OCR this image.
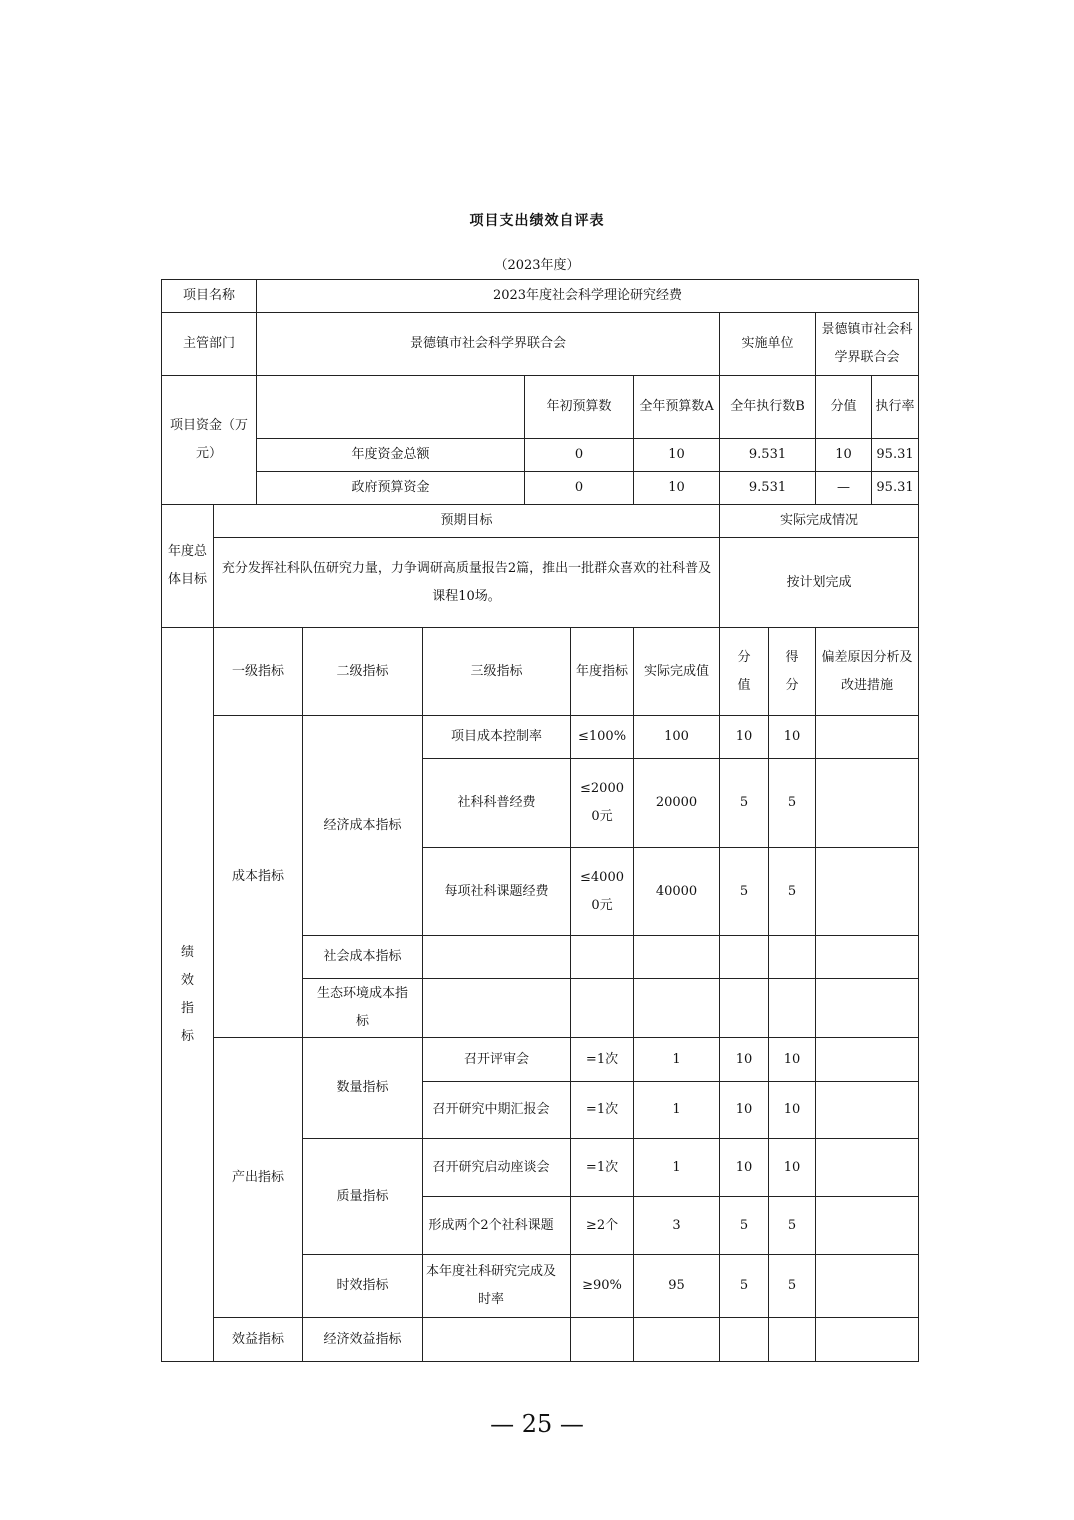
项目支出绩效自评表
（2023年度）
项目名称		2023年度社会科学理论研究经费										
主管部门		景德镇市社会科学界联合会						实施单位		景德镇市社会科学界联合会		
项目资金（万元）					年初预算数		全年预算数A	全年执行数B		分值	执行率	
		年度资金总额			0		10	9.531		10	95.31	
		政府预算资金			0		10	9.531		—	95.31	
年度总体目标	预期目标							实际完成情况				
	充分发挥社科队伍研究力量，力争调研高质量报告2篇，推出一批群众喜欢的社科普及课程10场。							按计划完成				
绩效指标	一级指标		二级指标	三级指标		年度指标	实际完成值	分值	得分	偏差原因分析及改进措施		
	成本指标		经济成本指标	项目成本控制率		≤100%	100	10	10			
				社科科普经费		≤20000元	20000	5	5			
				每项社科课题经费		≤40000元	40000	5	5			
			社会成本指标									
			生态环境成本指标									
	产出指标		数量指标	召开评审会		=1次	1	10	10			
				召开研究中期汇报会		=1次	1	10	10			
			质量指标	召开研究启动座谈会		=1次	1	10	10			
				形成两个2个社科课题		≥2个	3	5	5			
			时效指标	本年度社科研究完成及时率		≥90%	95	5	5			
	效益指标		经济效益指标									
— 25 —
